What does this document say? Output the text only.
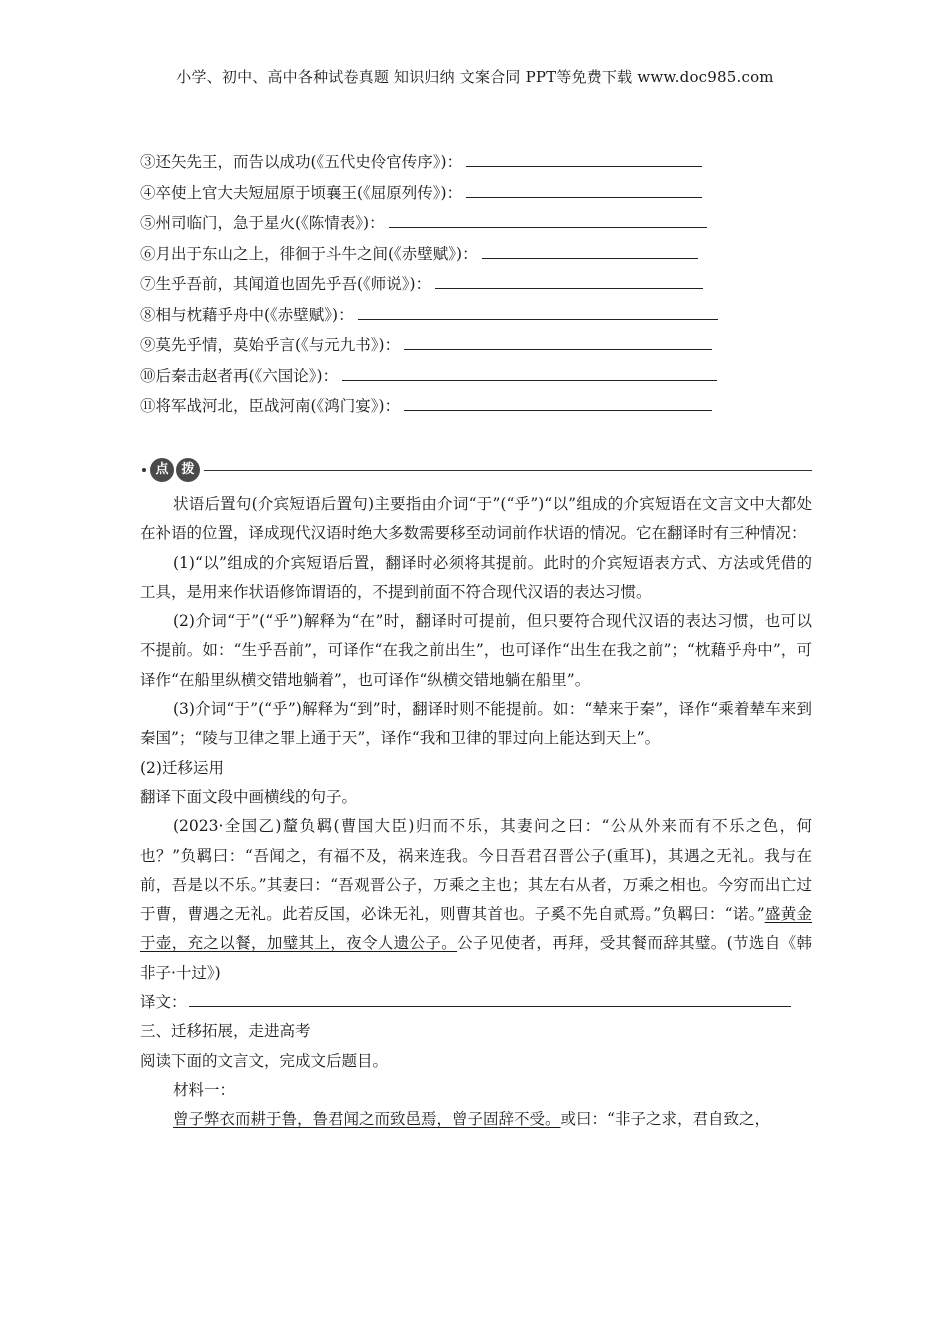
小学、初中、高中各种试卷真题 知识归纳 文案合同 PPT等免费下载 www.doc985.com
③还矢先王，而告以成功(《五代史伶官传序》)：
④卒使上官大夫短屈原于顷襄王(《屈原列传》)：
⑤州司临门，急于星火(《陈情表》)：
⑥月出于东山之上，徘徊于斗牛之间(《赤壁赋》)：
⑦生乎吾前，其闻道也固先乎吾(《师说》)：
⑧相与枕藉乎舟中(《赤壁赋》)：
⑨莫先乎情，莫始乎言(《与元九书》)：
⑩后秦击赵者再(《六国论》)：
⑪将军战河北，臣战河南(《鸿门宴》)：
点 拨

状语后置句(介宾短语后置句)主要指由介词“于”(“乎”)“以”组成的介宾短语在文言文中大都处在补语的位置，译成现代汉语时绝大多数需要移至动词前作状语的情况。它在翻译时有三种情况：

(1)“以”组成的介宾短语后置，翻译时必须将其提前。此时的介宾短语表方式、方法或凭借的工具，是用来作状语修饰谓语的，不提到前面不符合现代汉语的表达习惯。

(2)介词“于”(“乎”)解释为“在”时，翻译时可提前，但只要符合现代汉语的表达习惯，也可以不提前。如：“生乎吾前”，可译作“在我之前出生”，也可译作“出生在我之前”；“枕藉乎舟中”，可译作“在船里纵横交错地躺着”，也可译作“纵横交错地躺在船里”。

(3)介词“于”(“乎”)解释为“到”时，翻译时则不能提前。如：“辇来于秦”，译作“乘着辇车来到秦国”；“陵与卫律之罪上通于天”，译作“我和卫律的罪过向上能达到天上”。

(2)迁移运用

翻译下面文段中画横线的句子。

(2023·全国乙)釐负羁(曹国大臣)归而不乐，其妻问之曰：“公从外来而有不乐之色，何也？”负羁曰：“吾闻之，有福不及，祸来连我。今日吾君召晋公子(重耳)，其遇之无礼。我与在前，吾是以不乐。”其妻曰：“吾观晋公子，万乘之主也；其左右从者，万乘之相也。今穷而出亡过于曹，曹遇之无礼。此若反国，必诛无礼，则曹其首也。子奚不先自贰焉。”负羁曰：“诺。”盛黄金于壶，充之以餐，加璧其上，夜令人遗公子。公子见使者，再拜，受其餐而辞其璧。(节选自《韩非子·十过》)

译文：

三、迁移拓展，走进高考

阅读下面的文言文，完成文后题目。

材料一：

曾子弊衣而耕于鲁，鲁君闻之而致邑焉，曾子固辞不受。或曰：“非子之求，君自致之，
